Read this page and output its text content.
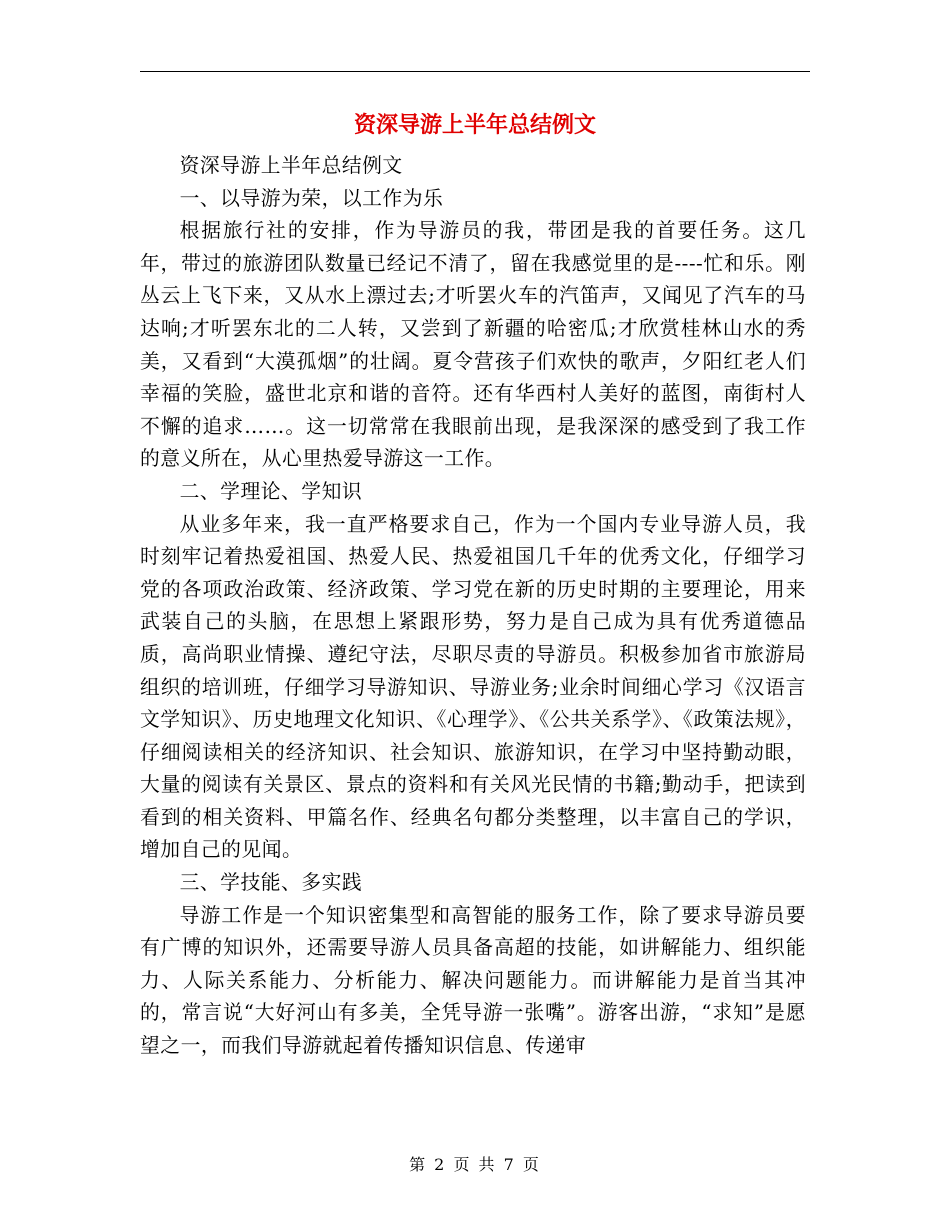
资深导游上半年总结例文

资深导游上半年总结例文

一、以导游为荣，以工作为乐

根据旅行社的安排，作为导游员的我，带团是我的首要任务。这几年，带过的旅游团队数量已经记不清了，留在我感觉里的是----忙和乐。刚丛云上飞下来，又从水上漂过去;才听罢火车的汽笛声，又闻见了汽车的马达响;才听罢东北的二人转，又尝到了新疆的哈密瓜;才欣赏桂林山水的秀美，又看到“大漠孤烟”的壮阔。夏令营孩子们欢快的歌声，夕阳红老人们幸福的笑脸，盛世北京和谐的音符。还有华西村人美好的蓝图，南街村人不懈的追求……。这一切常常在我眼前出现，是我深深的感受到了我工作的意义所在，从心里热爱导游这一工作。

二、学理论、学知识

从业多年来，我一直严格要求自己，作为一个国内专业导游人员，我时刻牢记着热爱祖国、热爱人民、热爱祖国几千年的优秀文化，仔细学习党的各项政治政策、经济政策、学习党在新的历史时期的主要理论，用来武装自己的头脑，在思想上紧跟形势，努力是自己成为具有优秀道德品质，高尚职业情操、遵纪守法，尽职尽责的导游员。积极参加省市旅游局组织的培训班，仔细学习导游知识、导游业务;业余时间细心学习《汉语言文学知识》、历史地理文化知识、《心理学》、《公共关系学》、《政策法规》，仔细阅读相关的经济知识、社会知识、旅游知识，在学习中坚持勤动眼，大量的阅读有关景区、景点的资料和有关风光民情的书籍;勤动手，把读到看到的相关资料、甲篇名作、经典名句都分类整理，以丰富自己的学识，增加自己的见闻。

三、学技能、多实践

导游工作是一个知识密集型和高智能的服务工作，除了要求导游员要有广博的知识外，还需要导游人员具备高超的技能，如讲解能力、组织能力、人际关系能力、分析能力、解决问题能力。而讲解能力是首当其冲的，常言说“大好河山有多美，全凭导游一张嘴”。游客出游，“求知”是愿望之一，而我们导游就起着传播知识信息、传递审

第 2 页 共 7 页
